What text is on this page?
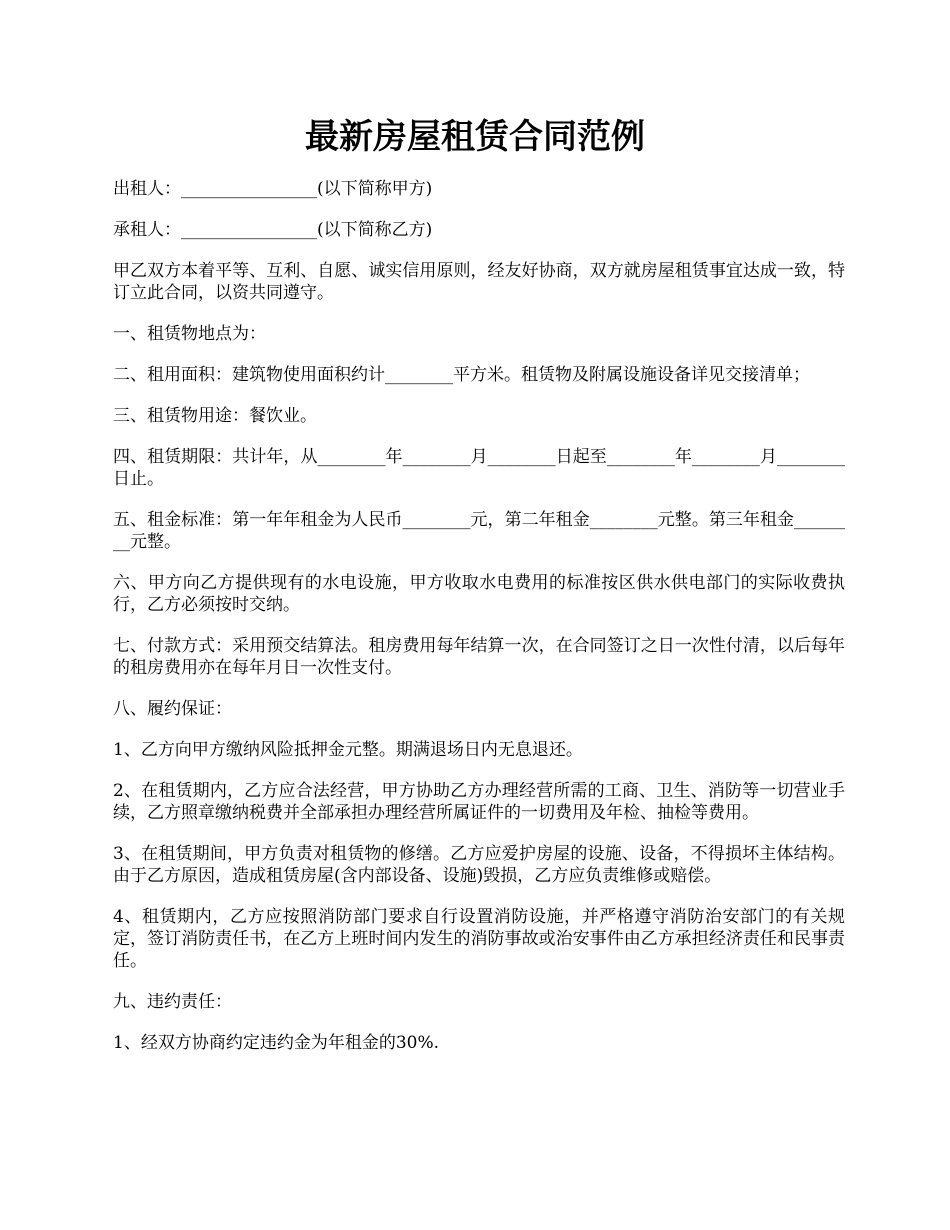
最新房屋租赁合同范例

出租人：________________(以下简称甲方)

承租人：________________(以下简称乙方)

甲乙双方本着平等、互利、自愿、诚实信用原则，经友好协商，双方就房屋租赁事宜达成一致，特订立此合同，以资共同遵守。

一、租赁物地点为：

二、租用面积：建筑物使用面积约计________平方米。租赁物及附属设施设备详见交接清单；

三、租赁物用途：餐饮业。

四、租赁期限：共计年，从________年________月________日起至________年________月________日止。

五、租金标准：第一年年租金为人民币________元，第二年租金________元整。第三年租金________元整。

六、甲方向乙方提供现有的水电设施，甲方收取水电费用的标准按区供水供电部门的实际收费执行，乙方必须按时交纳。

七、付款方式：采用预交结算法。租房费用每年结算一次，在合同签订之日一次性付清，以后每年的租房费用亦在每年月日一次性支付。

八、履约保证：

1、乙方向甲方缴纳风险抵押金元整。期满退场日内无息退还。

2、在租赁期内，乙方应合法经营，甲方协助乙方办理经营所需的工商、卫生、消防等一切营业手续，乙方照章缴纳税费并全部承担办理经营所属证件的一切费用及年检、抽检等费用。

3、在租赁期间，甲方负责对租赁物的修缮。乙方应爱护房屋的设施、设备，不得损坏主体结构。由于乙方原因，造成租赁房屋(含内部设备、设施)毁损，乙方应负责维修或赔偿。

4、租赁期内，乙方应按照消防部门要求自行设置消防设施，并严格遵守消防治安部门的有关规定，签订消防责任书，在乙方上班时间内发生的消防事故或治安事件由乙方承担经济责任和民事责任。

九、违约责任：

1、经双方协商约定违约金为年租金的30%.
